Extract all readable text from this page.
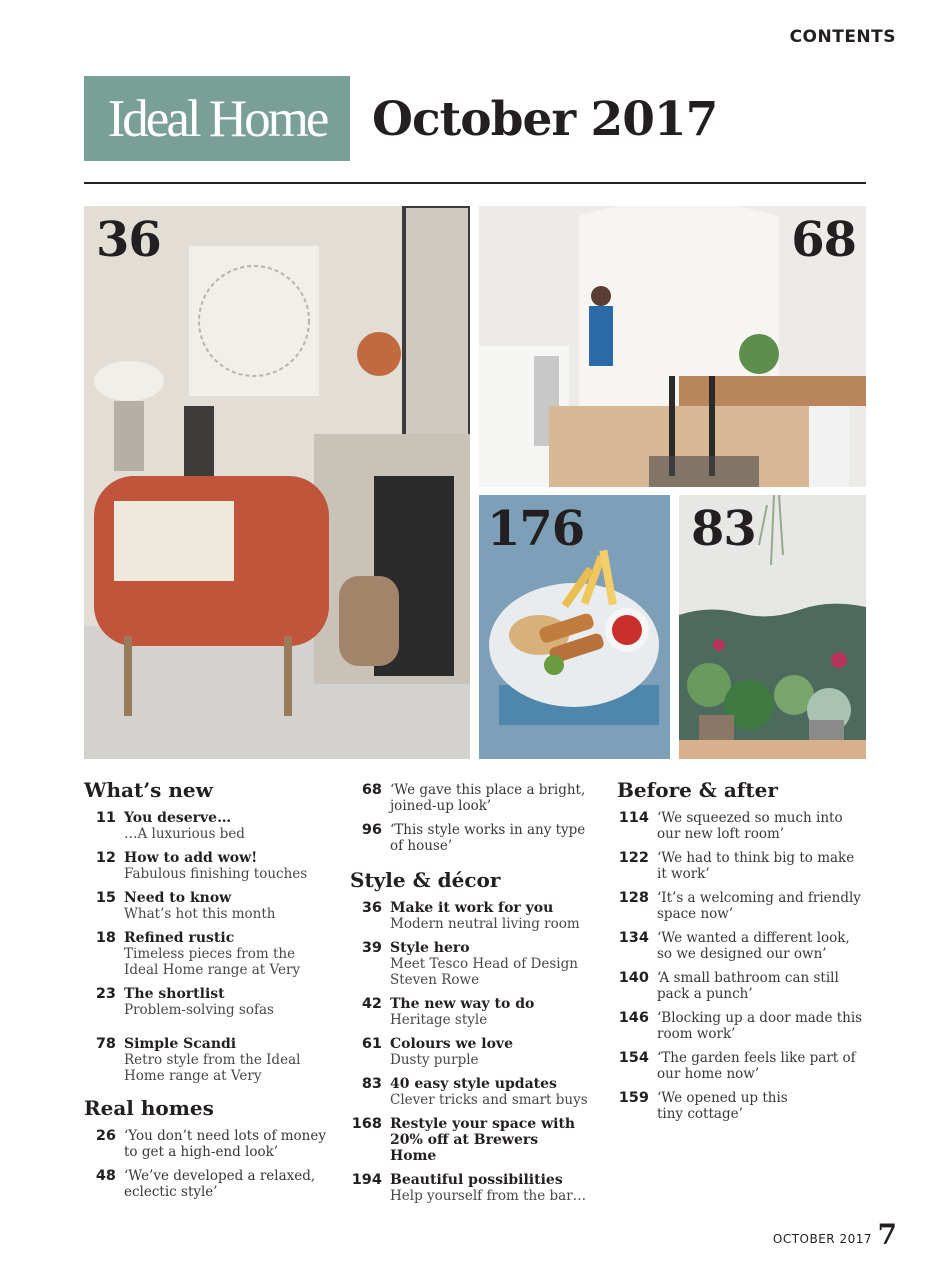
CONTENTS
Ideal Home October 2017
36	68
176 83
What’s new
11 You deserve…
…A luxurious bed
12 How to add wow!
Fabulous finishing touches
15 Need to know
What’s hot this month
18 Refined rustic
Timeless pieces from the Ideal Home range at Very
23 The shortlist
Problem-solving sofas
78 Simple Scandi
Retro style from the Ideal Home range at Very
Real homes
26 ‘You don’t need lots of money to get a high-end look’
48 ‘We’ve developed a relaxed, eclectic style’
68 ‘We gave this place a bright, joined-up look’
96 ‘This style works in any type of house’
Style & décor
36 Make it work for you
Modern neutral living room
39 Style hero
Meet Tesco Head of Design Steven Rowe
42 The new way to do
Heritage style
61 Colours we love
Dusty purple
83 40 easy style updates
Clever tricks and smart buys
168 Restyle your space with 20% off at Brewers Home
194 Beautiful possibilities
Help yourself from the bar…
Before & after
114 ‘We squeezed so much into our new loft room’
122 ‘We had to think big to make it work’
128 ‘It’s a welcoming and friendly space now’
134 ‘We wanted a different look, so we designed our own’
140 ‘A small bathroom can still pack a punch’
146 ‘Blocking up a door made this room work’
154 ‘The garden feels like part of our home now’
159 ‘We opened up this tiny cottage’
OCTOBER 2017 7
